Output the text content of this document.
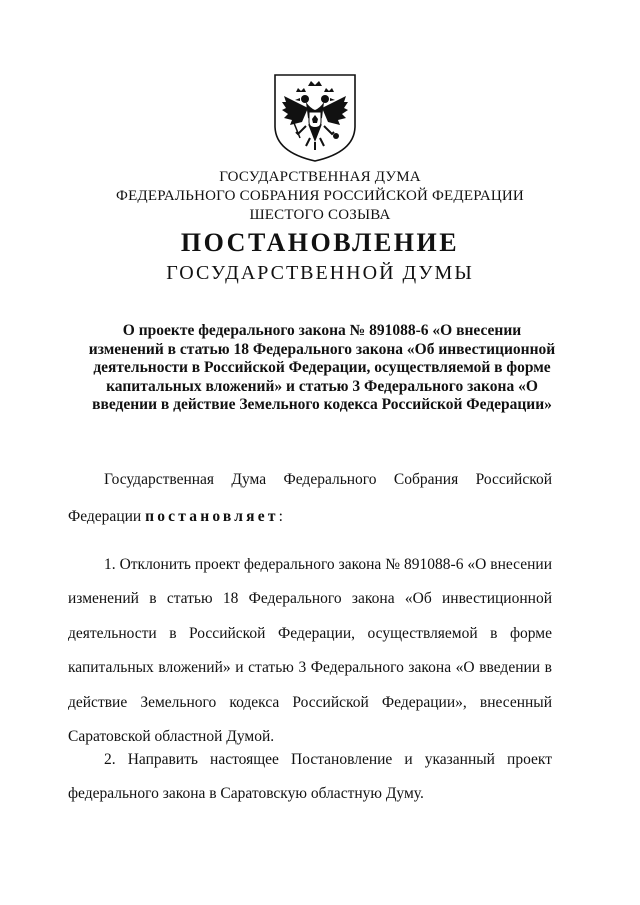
ГОСУДАРСТВЕННАЯ ДУМА
ФЕДЕРАЛЬНОГО СОБРАНИЯ РОССИЙСКОЙ ФЕДЕРАЦИИ
ШЕСТОГО СОЗЫВА
ПОСТАНОВЛЕНИЕ
ГОСУДАРСТВЕННОЙ ДУМЫ
О проекте федерального закона № 891088-6 «О внесении изменений в статью 18 Федерального закона «Об инвестиционной деятельности в Российской Федерации, осуществляемой в форме капитальных вложений» и статью 3 Федерального закона «О введении в действие Земельного кодекса Российской Федерации»
Государственная Дума Федерального Собрания Российской Федерации постановляет:
1. Отклонить проект федерального закона № 891088-6 «О внесении изменений в статью 18 Федерального закона «Об инвестиционной деятельности в Российской Федерации, осуществляемой в форме капитальных вложений» и статью 3 Федерального закона «О введении в действие Земельного кодекса Российской Федерации», внесенный Саратовской областной Думой.
2. Направить настоящее Постановление и указанный проект федерального закона в Саратовскую областную Думу.
